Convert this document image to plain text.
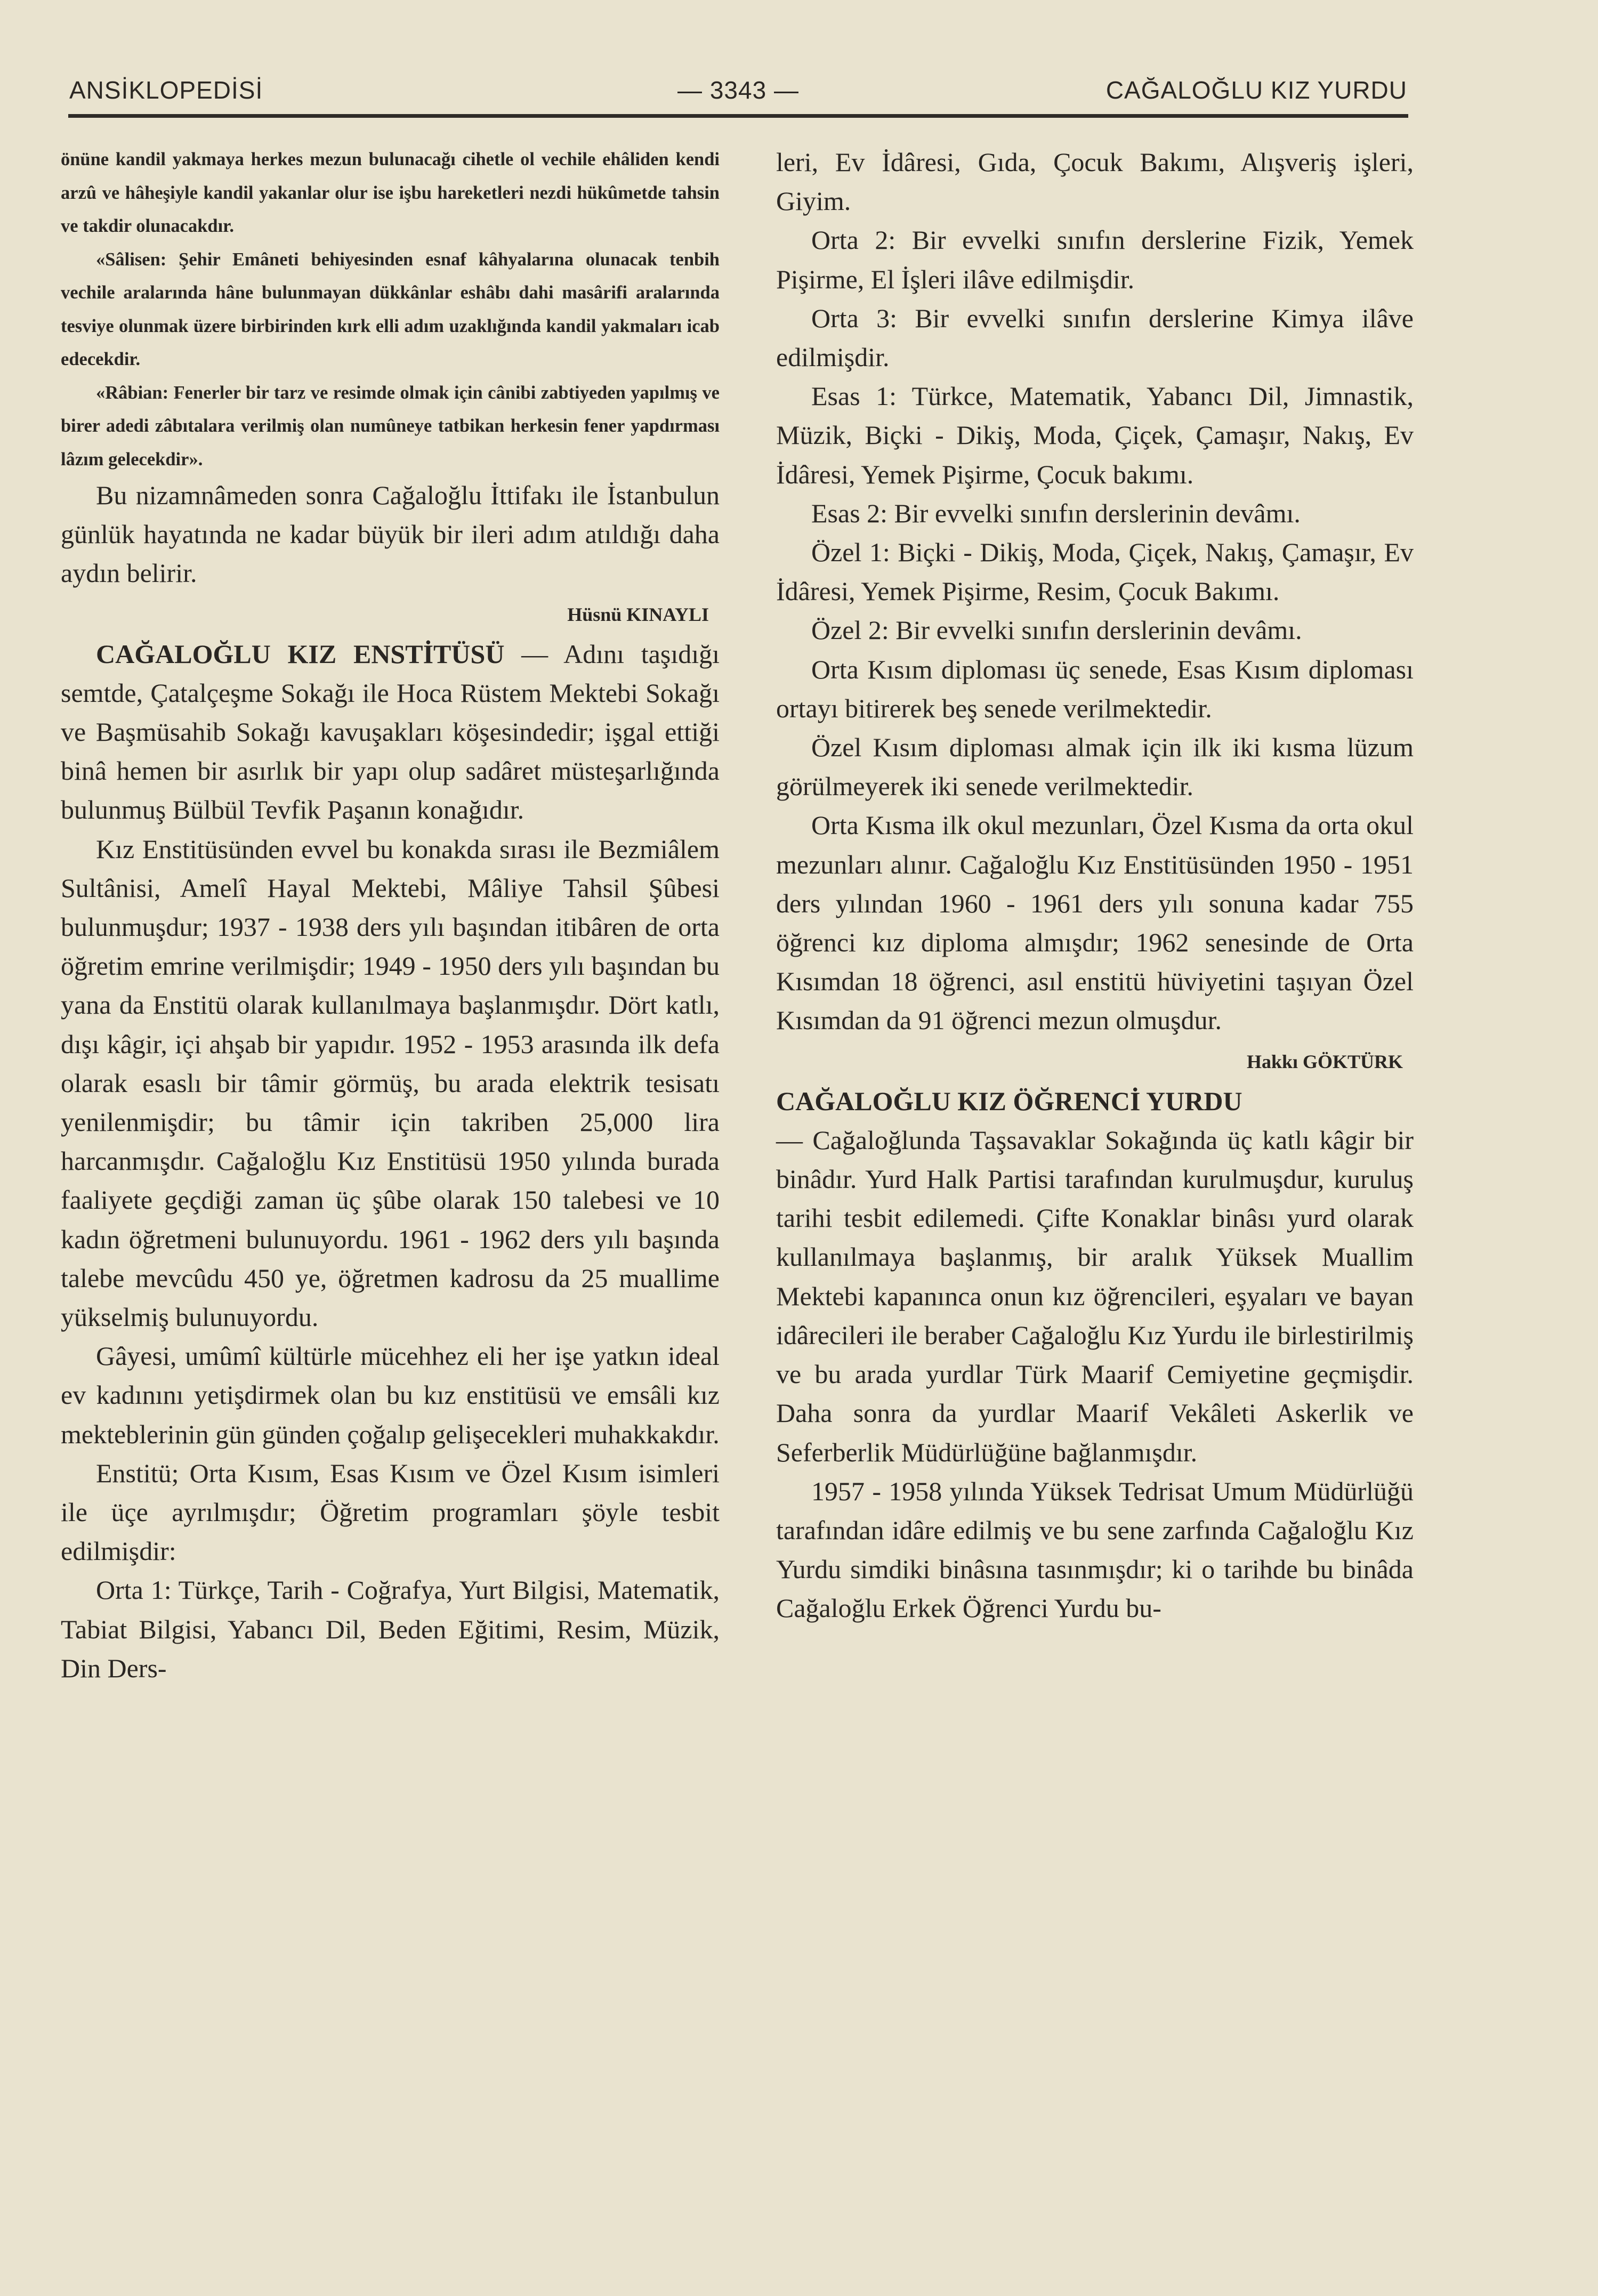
ANSİKLOPEDİSİ	— 3343 —	CAĞALOĞLU KIZ YURDU

önüne kandil yakmaya herkes mezun bulunacağı cihetle ol vechile ehâliden kendi arzû ve hâheşiyle kandil yakanlar olur ise işbu hareketleri nezdi hükûmetde tahsin ve takdir olunacakdır.

«Sâlisen: Şehir Emâneti behiyesinden esnaf kâhyalarına olunacak tenbih vechile aralarında hâne bulunmayan dükkânlar eshâbı dahi masârifi aralarında tesviye olunmak üzere birbirinden kırk elli adım uzaklığında kandil yakmaları icab edecekdir.

«Râbian: Fenerler bir tarz ve resimde olmak için cânibi zabtiyeden yapılmış ve birer adedi zâbıtalara verilmiş olan numûneye tatbikan herkesin fener yapdırması lâzım gelecekdir».

Bu nizamnâmeden sonra Cağaloğlu İttifakı ile İstanbulun günlük hayatında ne kadar büyük bir ileri adım atıldığı daha aydın belirir.

Hüsnü KINAYLI

CAĞALOĞLU KIZ ENSTİTÜSÜ — Adını taşıdığı semtde, Çatalçeşme Sokağı ile Hoca Rüstem Mektebi Sokağı ve Başmüsahib Sokağı kavuşakları köşesindedir; işgal ettiği binâ hemen bir asırlık bir yapı olup sadâret müsteşarlığında bulunmuş Bülbül Tevfik Paşanın konağıdır.

Kız Enstitüsünden evvel bu konakda sırası ile Bezmiâlem Sultânisi, Amelî Hayal Mektebi, Mâliye Tahsil Şûbesi bulunmuşdur; 1937 - 1938 ders yılı başından itibâren de orta öğretim emrine verilmişdir; 1949 - 1950 ders yılı başından bu yana da Enstitü olarak kullanılmaya başlanmışdır. Dört katlı, dışı kâgir, içi ahşab bir yapıdır. 1952 - 1953 arasında ilk defa olarak esaslı bir tâmir görmüş, bu arada elektrik tesisatı yenilenmişdir; bu tâmir için takriben 25,000 lira harcanmışdır. Cağaloğlu Kız Enstitüsü 1950 yılında burada faaliyete geçdiği zaman üç şûbe olarak 150 talebesi ve 10 kadın öğretmeni bulunuyordu. 1961 - 1962 ders yılı başında talebe mevcûdu 450 ye, öğretmen kadrosu da 25 muallime yükselmiş bulunuyordu.

Gâyesi, umûmî kültürle mücehhez eli her işe yatkın ideal ev kadınını yetişdirmek olan bu kız enstitüsü ve emsâli kız mekteblerinin gün günden çoğalıp gelişecekleri muhakkakdır.

Enstitü; Orta Kısım, Esas Kısım ve Özel Kısım isimleri ile üçe ayrılmışdır; Öğretim programları şöyle tesbit edilmişdir:

Orta 1: Türkçe, Tarih - Coğrafya, Yurt Bilgisi, Matematik, Tabiat Bilgisi, Yabancı Dil, Beden Eğitimi, Resim, Müzik, Din Ders-

leri, Ev İdâresi, Gıda, Çocuk Bakımı, Alışveriş işleri, Giyim.

Orta 2: Bir evvelki sınıfın derslerine Fizik, Yemek Pişirme, El İşleri ilâve edilmişdir.

Orta 3: Bir evvelki sınıfın derslerine Kimya ilâve edilmişdir.

Esas 1: Türkce, Matematik, Yabancı Dil, Jimnastik, Müzik, Biçki - Dikiş, Moda, Çiçek, Çamaşır, Nakış, Ev İdâresi, Yemek Pişirme, Çocuk bakımı.

Esas 2: Bir evvelki sınıfın derslerinin devâmı.

Özel 1: Biçki - Dikiş, Moda, Çiçek, Nakış, Çamaşır, Ev İdâresi, Yemek Pişirme, Resim, Çocuk Bakımı.

Özel 2: Bir evvelki sınıfın derslerinin devâmı.

Orta Kısım diploması üç senede, Esas Kısım diploması ortayı bitirerek beş senede verilmektedir.

Özel Kısım diploması almak için ilk iki kısma lüzum görülmeyerek iki senede verilmektedir.

Orta Kısma ilk okul mezunları, Özel Kısma da orta okul mezunları alınır. Cağaloğlu Kız Enstitüsünden 1950 - 1951 ders yılından 1960 - 1961 ders yılı sonuna kadar 755 öğrenci kız diploma almışdır; 1962 senesinde de Orta Kısımdan 18 öğrenci, asıl enstitü hüviyetini taşıyan Özel Kısımdan da 91 öğrenci mezun olmuşdur.

Hakkı GÖKTÜRK

CAĞALOĞLU KIZ ÖĞRENCİ YURDU

— Cağaloğlunda Taşsavaklar Sokağında üç katlı kâgir bir binâdır. Yurd Halk Partisi tarafından kurulmuşdur, kuruluş tarihi tesbit edilemedi. Çifte Konaklar binâsı yurd olarak kullanılmaya başlanmış, bir aralık Yüksek Muallim Mektebi kapanınca onun kız öğrencileri, eşyaları ve bayan idârecileri ile beraber Cağaloğlu Kız Yurdu ile birlestirilmiş ve bu arada yurdlar Türk Maarif Cemiyetine geçmişdir. Daha sonra da yurdlar Maarif Vekâleti Askerlik ve Seferberlik Müdürlüğüne bağlanmışdır.

1957 - 1958 yılında Yüksek Tedrisat Umum Müdürlüğü tarafından idâre edilmiş ve bu sene zarfında Cağaloğlu Kız Yurdu simdiki binâsına tasınmışdır; ki o tarihde bu binâda Cağaloğlu Erkek Öğrenci Yurdu bu-
